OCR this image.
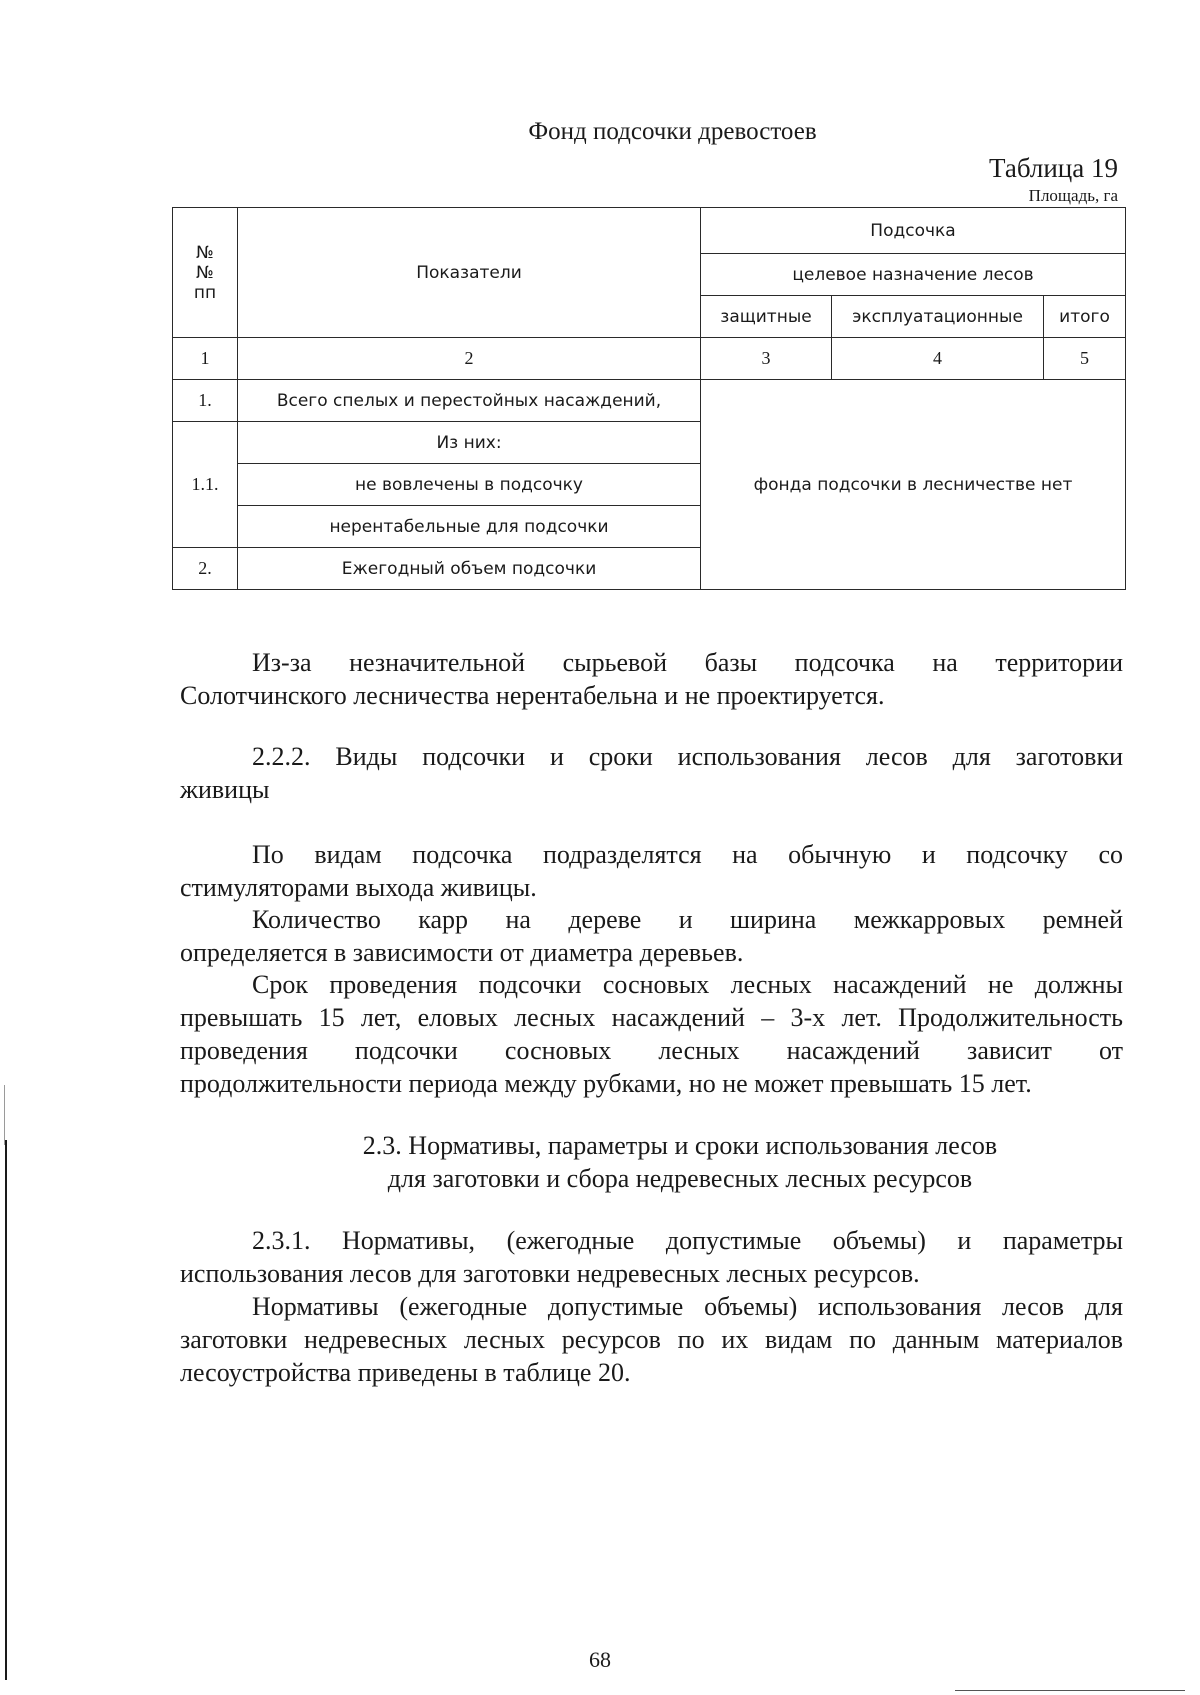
Фонд подсочки древостоев
Таблица 19
Площадь, га
№№ пп	Показатели	Подсочка		
		целевое назначение лесов		
		защитные	эксплуатационные	итого
1	2	3	4	5
1.	Всего спелых и перестойных насаждений,	фонда подсочки в лесничестве нет		
1.1.	Из них:			
	не вовлечены в подсочку			
	нерентабельные для подсочки			
2.	Ежегодный объем подсочки			

Из-за незначительной сырьевой базы подсочка на территории

Солотчинского лесничества нерентабельна и не проектируется.

2.2.2. Виды подсочки и сроки использования лесов для заготовки

живицы

По видам подсочка подразделятся на обычную и подсочку со

стимуляторами выхода живицы.

Количество карр на дереве и ширина межкарровых ремней

определяется в зависимости от диаметра деревьев.

Срок проведения подсочки сосновых лесных насаждений не должны

превышать 15 лет, еловых лесных насаждений – 3-х лет. Продолжительность

проведения подсочки сосновых лесных насаждений зависит от

продолжительности периода между рубками, но не может превышать 15 лет.

2.3. Нормативы, параметры и сроки использования лесов

для заготовки и сбора недревесных лесных ресурсов

2.3.1. Нормативы, (ежегодные допустимые объемы) и параметры

использования лесов для заготовки недревесных лесных ресурсов.

Нормативы (ежегодные допустимые объемы) использования лесов для

заготовки недревесных лесных ресурсов по их видам по данным материалов

лесоустройства приведены в таблице 20.

68
